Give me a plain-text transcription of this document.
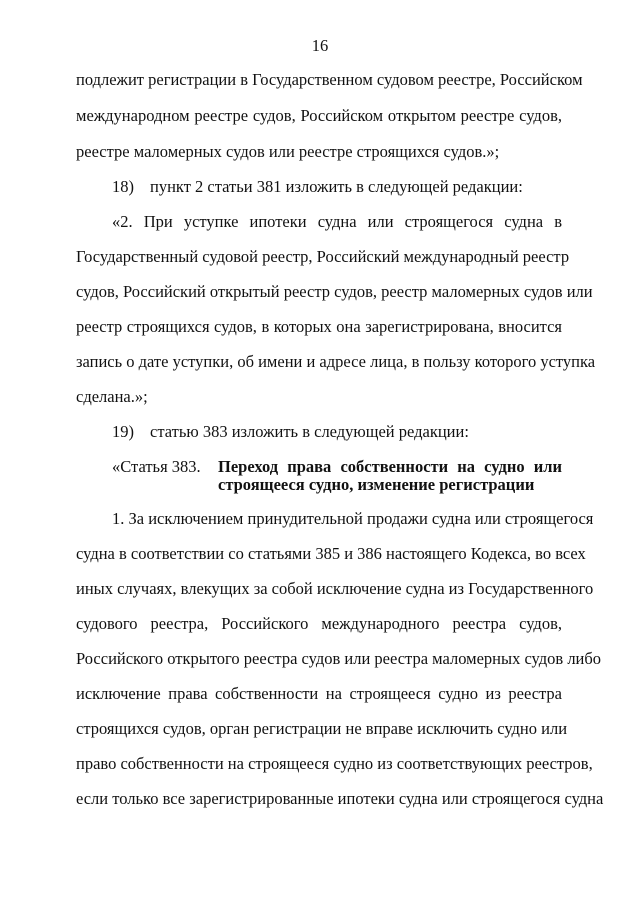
16
подлежит регистрации в Государственном судовом реестре, Российском
международном реестре судов, Российском открытом реестре судов,
реестре маломерных судов или реестре строящихся судов.»;
18) пункт 2 статьи 381 изложить в следующей редакции:
«2. При уступке ипотеки судна или строящегося судна в
Государственный судовой реестр, Российский международный реестр
судов, Российский открытый реестр судов, реестр маломерных судов или
реестр строящихся судов, в которых она зарегистрирована, вносится
запись о дате уступки, об имени и адресе лица, в пользу которого уступка
сделана.»;
19) статью 383 изложить в следующей редакции:
«Статья 383. Переход права собственности на судно или
строящееся судно, изменение регистрации
1. За исключением принудительной продажи судна или строящегося
судна в соответствии со статьями 385 и 386 настоящего Кодекса, во всех
иных случаях, влекущих за собой исключение судна из Государственного
судового реестра, Российского международного реестра судов,
Российского открытого реестра судов или реестра маломерных судов либо
исключение права собственности на строящееся судно из реестра
строящихся судов, орган регистрации не вправе исключить судно или
право собственности на строящееся судно из соответствующих реестров,
если только все зарегистрированные ипотеки судна или строящегося судна
